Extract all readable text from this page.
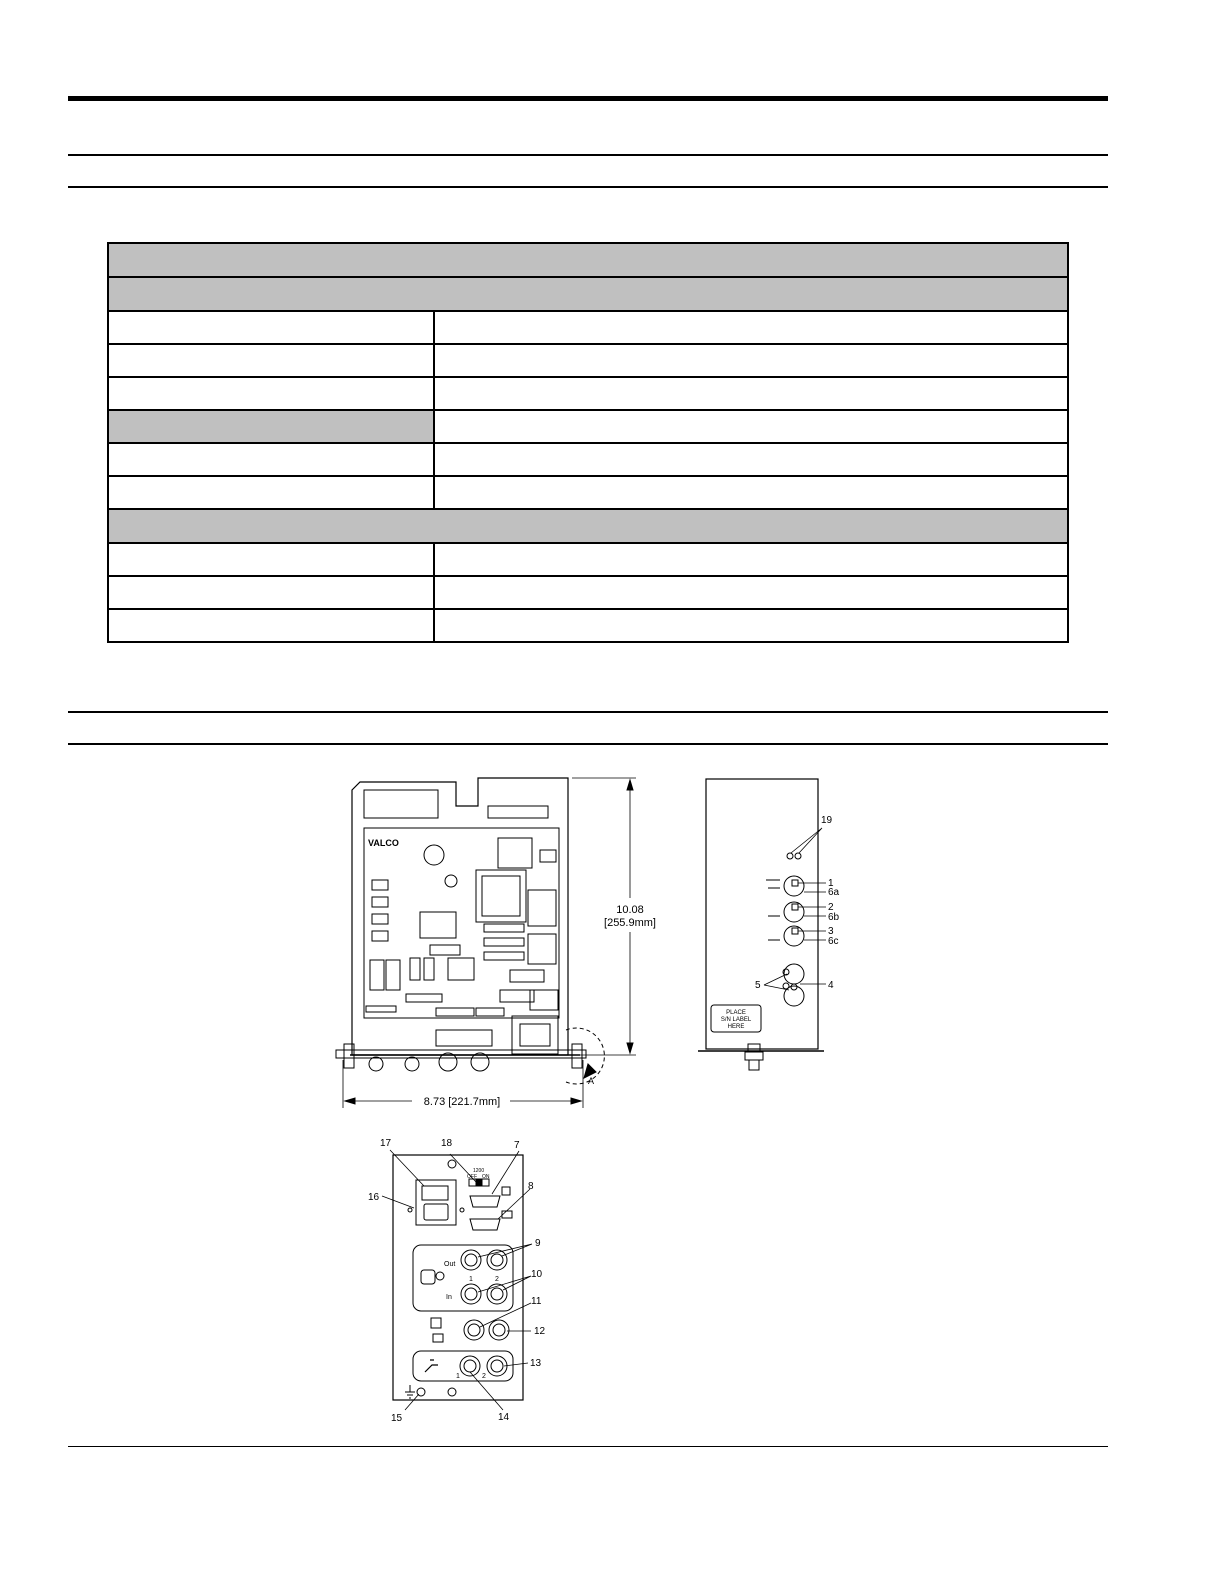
A
10.08
[255.9mm]
8.73 [221.7mm]
VALCO
PLACE
S/N LABEL
HERE
19
1
6a
2
6b
3
6c
5	4
1200
OFF ON
Out
In
1	2
1	2
17	18	7
8
16
9
10
11
12
13
14
15
